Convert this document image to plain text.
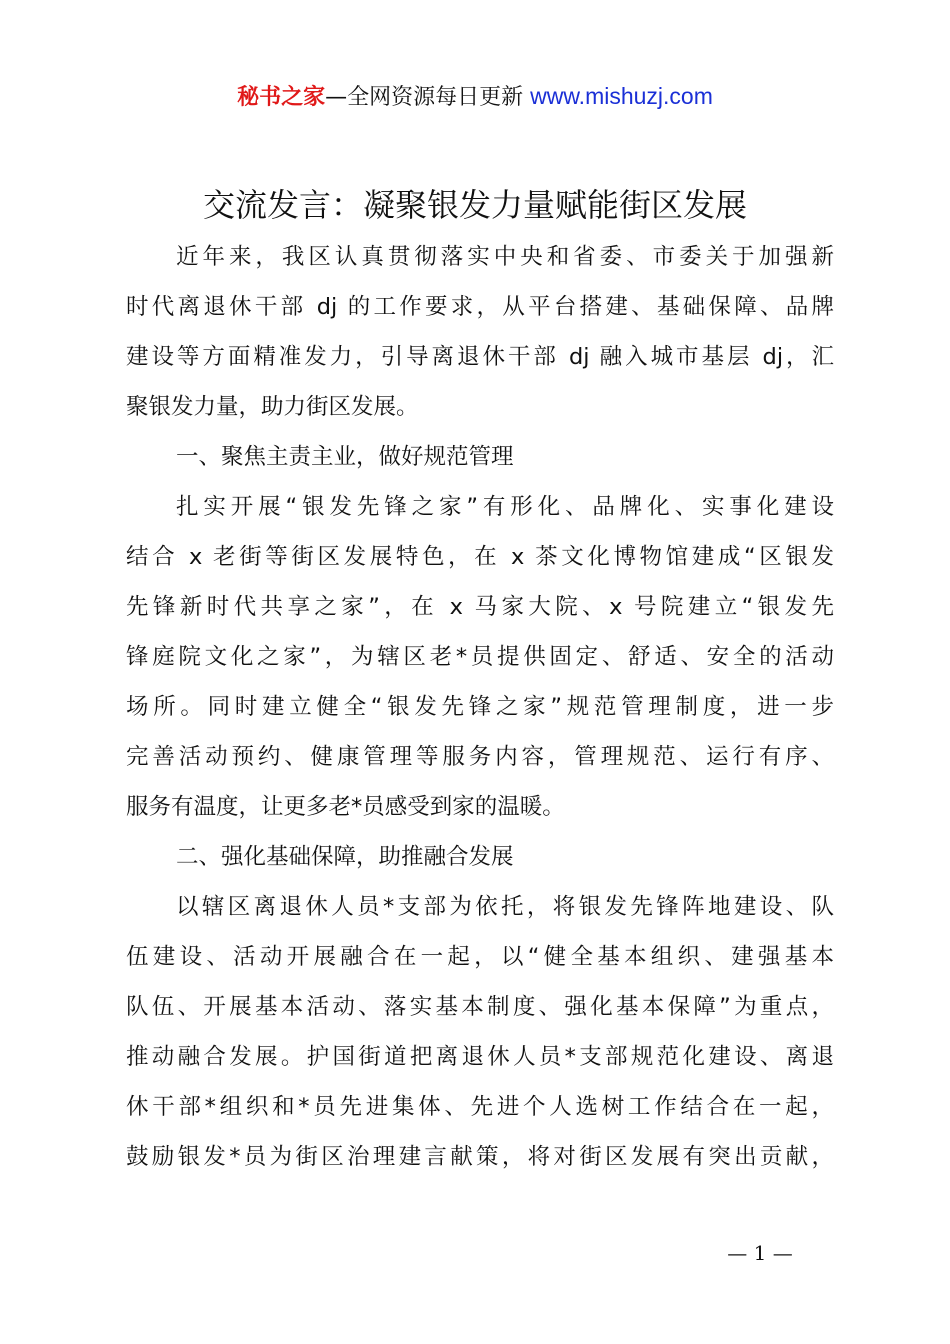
秘书之家—全网资源每日更新 www.mishuzj.com
交流发言：凝聚银发力量赋能街区发展
近年来，我区认真贯彻落实中央和省委、市委关于加强新
时代离退休干部 dj 的工作要求，从平台搭建、基础保障、品牌
建设等方面精准发力，引导离退休干部 dj 融入城市基层 dj，汇
聚银发力量，助力街区发展。
一、聚焦主责主业，做好规范管理
扎实开展“银发先锋之家”有形化、品牌化、实事化建设
结合 x 老街等街区发展特色，在 x 茶文化博物馆建成“区银发
先锋新时代共享之家”，在 x 马家大院、x 号院建立“银发先
锋庭院文化之家”，为辖区老*员提供固定、舒适、安全的活动
场所。同时建立健全“银发先锋之家”规范管理制度，进一步
完善活动预约、健康管理等服务内容，管理规范、运行有序、
服务有温度，让更多老*员感受到家的温暖。
二、强化基础保障，助推融合发展
以辖区离退休人员*支部为依托，将银发先锋阵地建设、队
伍建设、活动开展融合在一起，以“健全基本组织、建强基本
队伍、开展基本活动、落实基本制度、强化基本保障”为重点，
推动融合发展。护国街道把离退休人员*支部规范化建设、离退
休干部*组织和*员先进集体、先进个人选树工作结合在一起，
鼓励银发*员为街区治理建言献策，将对街区发展有突出贡献，
— 1 —
